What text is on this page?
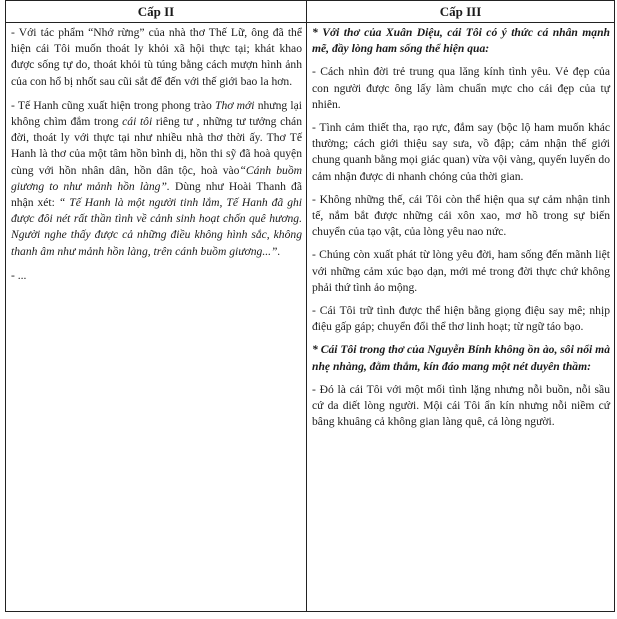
Cấp II	Cấp III

- Với tác phẩm “Nhớ rừng” của nhà thơ Thế Lữ, ông đã thể hiện cái Tôi muốn thoát ly khỏi xã hội thực tại; khát khao được sống tự do, thoát khỏi tù túng bằng cách mượn hình ảnh của con hổ bị nhốt sau cũi sắt để đến với thế giới bao la hơn.

- Tế Hanh cũng xuất hiện trong phong trào Thơ mới nhưng lại không chìm đắm trong cái tôi riêng tư , những tư tưởng chán đời, thoát ly với thực tại như nhiều nhà thơ thời ấy. Thơ Tế Hanh là thơ của một tâm hồn bình dị, hồn thi sỹ đã hoà quyện cùng với hồn nhân dân, hồn dân tộc, hoà vào“Cánh buồm giương to như mảnh hồn làng”. Dùng như Hoài Thanh đã nhận xét: “ Tế Hanh là một người tinh lắm, Tế Hanh đã ghi được đôi nét rất thần tình về cảnh sinh hoạt chốn quê hương. Người nghe thấy được cả những điều không hình sắc, không thanh âm như mảnh hồn làng, trên cánh buồm giương...”.

- ...

* Với thơ của Xuân Diệu, cái Tôi có ý thức cá nhân mạnh mẽ, đầy lòng ham sống thể hiện qua:

- Cách nhìn đời trẻ trung qua lăng kính tình yêu. Vẻ đẹp của con người được ông lấy làm chuẩn mực cho cái đẹp của tự nhiên.

- Tình cảm thiết tha, rạo rực, đắm say (bộc lộ ham muốn khác thường; cách giới thiệu say sưa, vồ đập; cảm nhận thế giới chung quanh bằng mọi giác quan) vừa vội vàng, quyến luyến do cảm nhận được di nhanh chóng của thời gian.

- Không những thế, cái Tôi còn thể hiện qua sự cảm nhận tinh tế, nắm bắt được những cái xôn xao, mơ hồ trong sự biến chuyển của tạo vật, của lòng yêu nao nức.

- Chúng còn xuất phát từ lòng yêu đời, ham sống đến mãnh liệt với những cảm xúc bạo dạn, mới mẻ trong đời thực chứ không phải thứ tình ảo mộng.

- Cái Tôi trữ tình được thể hiện bằng giọng điệu say mê; nhịp điệu gấp gáp; chuyển đổi thể thơ linh hoạt; từ ngữ táo bạo.

* Cái Tôi trong thơ của Nguyễn Bính không ồn ào, sôi nổi mà nhẹ nhàng, đằm thắm, kín đáo mang một nét duyên thầm:

- Đó là cái Tôi với một mối tình lặng nhưng nỗi buồn, nỗi sầu cứ da diết lòng người. Mội cái Tôi ẩn kín nhưng nỗi niềm cứ bâng khuâng cả không gian làng quê, cả lòng người.
